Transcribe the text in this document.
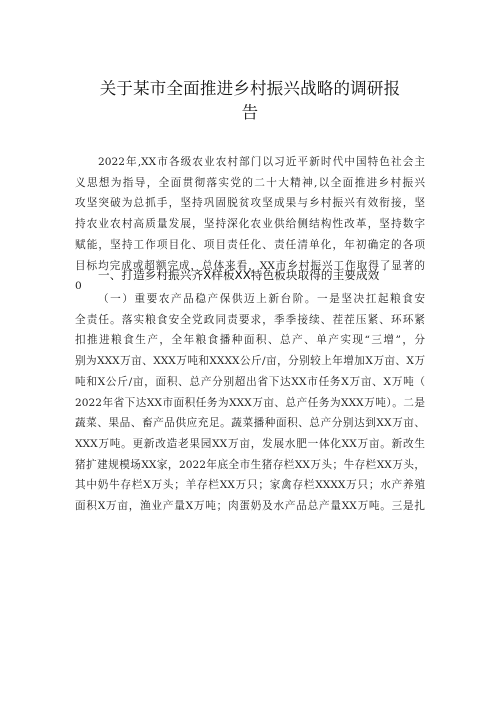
关于某市全面推进乡村振兴战略的调研报
告
2022年,XX市各级农业农村部门以习近平新时代中国特色社会主
义思想为指导，全面贯彻落实党的二十大精神,以全面推进乡村振兴
攻坚突破为总抓手，坚持巩固脱贫攻坚成果与乡村振兴有效衔接，坚
持农业农村高质量发展，坚持深化农业供给侧结构性改革，坚持数字
赋能，坚持工作项目化、项目责任化、责任清单化，年初确定的各项
目标均完成或超额完成，总体来看，XX市乡村振兴工作取得了显著的
0
一、打造乡村振兴齐X样板XX特色板块取得的主要成效
（一）重要农产品稳产保供迈上新台阶。一是坚决扛起粮食安
全责任。落实粮食安全党政同责要求，季季接续、茬茬压紧、环环紧
扣推进粮食生产，全年粮食播种面积、总产、单产实现“三增”，分
别为XXX万亩、XXX万吨和XXXX公斤/亩，分别较上年增加X万亩、X万
吨和X公斤/亩，面积、总产分别超出省下达XX市任务X万亩、X万吨（
2022年省下达XX市面积任务为XXX万亩、总产任务为XXX万吨）。二是
蔬菜、果品、畜产品供应充足。蔬菜播种面积、总产分别达到XX万亩、
XXX万吨。更新改造老果园XX万亩，发展水肥一体化XX万亩。新改生
猪扩建规模场XX家，2022年底全市生猪存栏XX万头；牛存栏XX万头，
其中奶牛存栏X万头；羊存栏XX万只；家禽存栏XXXX万只；水产养殖
面积X万亩，渔业产量X万吨；肉蛋奶及水产品总产量XX万吨。三是扎
